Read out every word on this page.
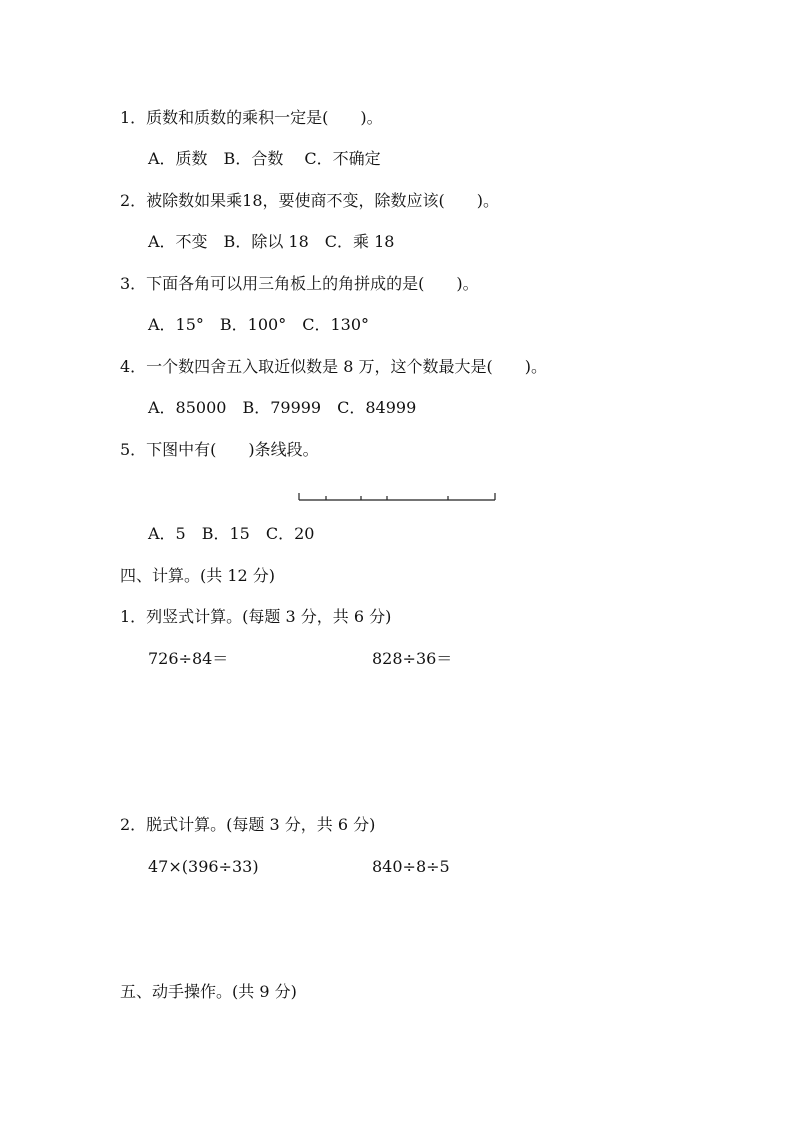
1．质数和质数的乘积一定是(　　)。
A．质数　B．合数　 C．不确定
2．被除数如果乘18，要使商不变，除数应该(　　)。
A．不变　B．除以 18　C．乘 18
3．下面各角可以用三角板上的角拼成的是(　　)。
A．15°　B．100°　C．130°
4．一个数四舍五入取近似数是 8 万，这个数最大是(　　)。
A．85000　B．79999　C．84999
5．下图中有(　　)条线段。
A．5　B．15　C．20
四、计算。(共 12 分)
1．列竖式计算。(每题 3 分，共 6 分)
726÷84＝	828÷36＝
2．脱式计算。(每题 3 分，共 6 分)
47×(396÷33)	840÷8÷5
五、动手操作。(共 9 分)
